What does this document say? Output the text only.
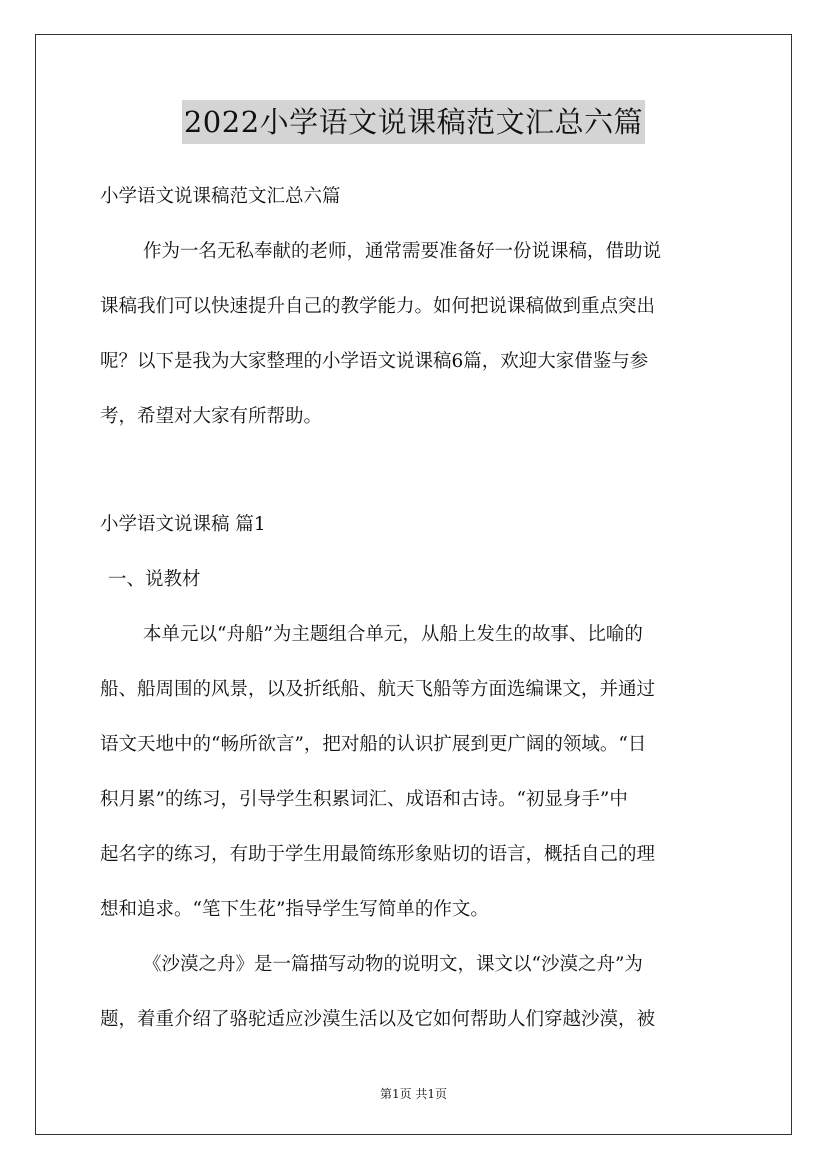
2022小学语文说课稿范文汇总六篇
小学语文说课稿范文汇总六篇
作为一名无私奉献的老师，通常需要准备好一份说课稿，借助说
课稿我们可以快速提升自己的教学能力。如何把说课稿做到重点突出
呢？以下是我为大家整理的小学语文说课稿6篇，欢迎大家借鉴与参
考，希望对大家有所帮助。
小学语文说课稿 篇1
一、说教材
本单元以“舟船”为主题组合单元，从船上发生的故事、比喻的
船、船周围的风景，以及折纸船、航天飞船等方面选编课文，并通过
语文天地中的“畅所欲言”，把对船的认识扩展到更广阔的领域。“日
积月累”的练习，引导学生积累词汇、成语和古诗。“初显身手”中
起名字的练习，有助于学生用最简练形象贴切的语言，概括自己的理
想和追求。“笔下生花”指导学生写简单的作文。
《沙漠之舟》是一篇描写动物的说明文，课文以“沙漠之舟”为
题，着重介绍了骆驼适应沙漠生活以及它如何帮助人们穿越沙漠，被
第1页 共1页
